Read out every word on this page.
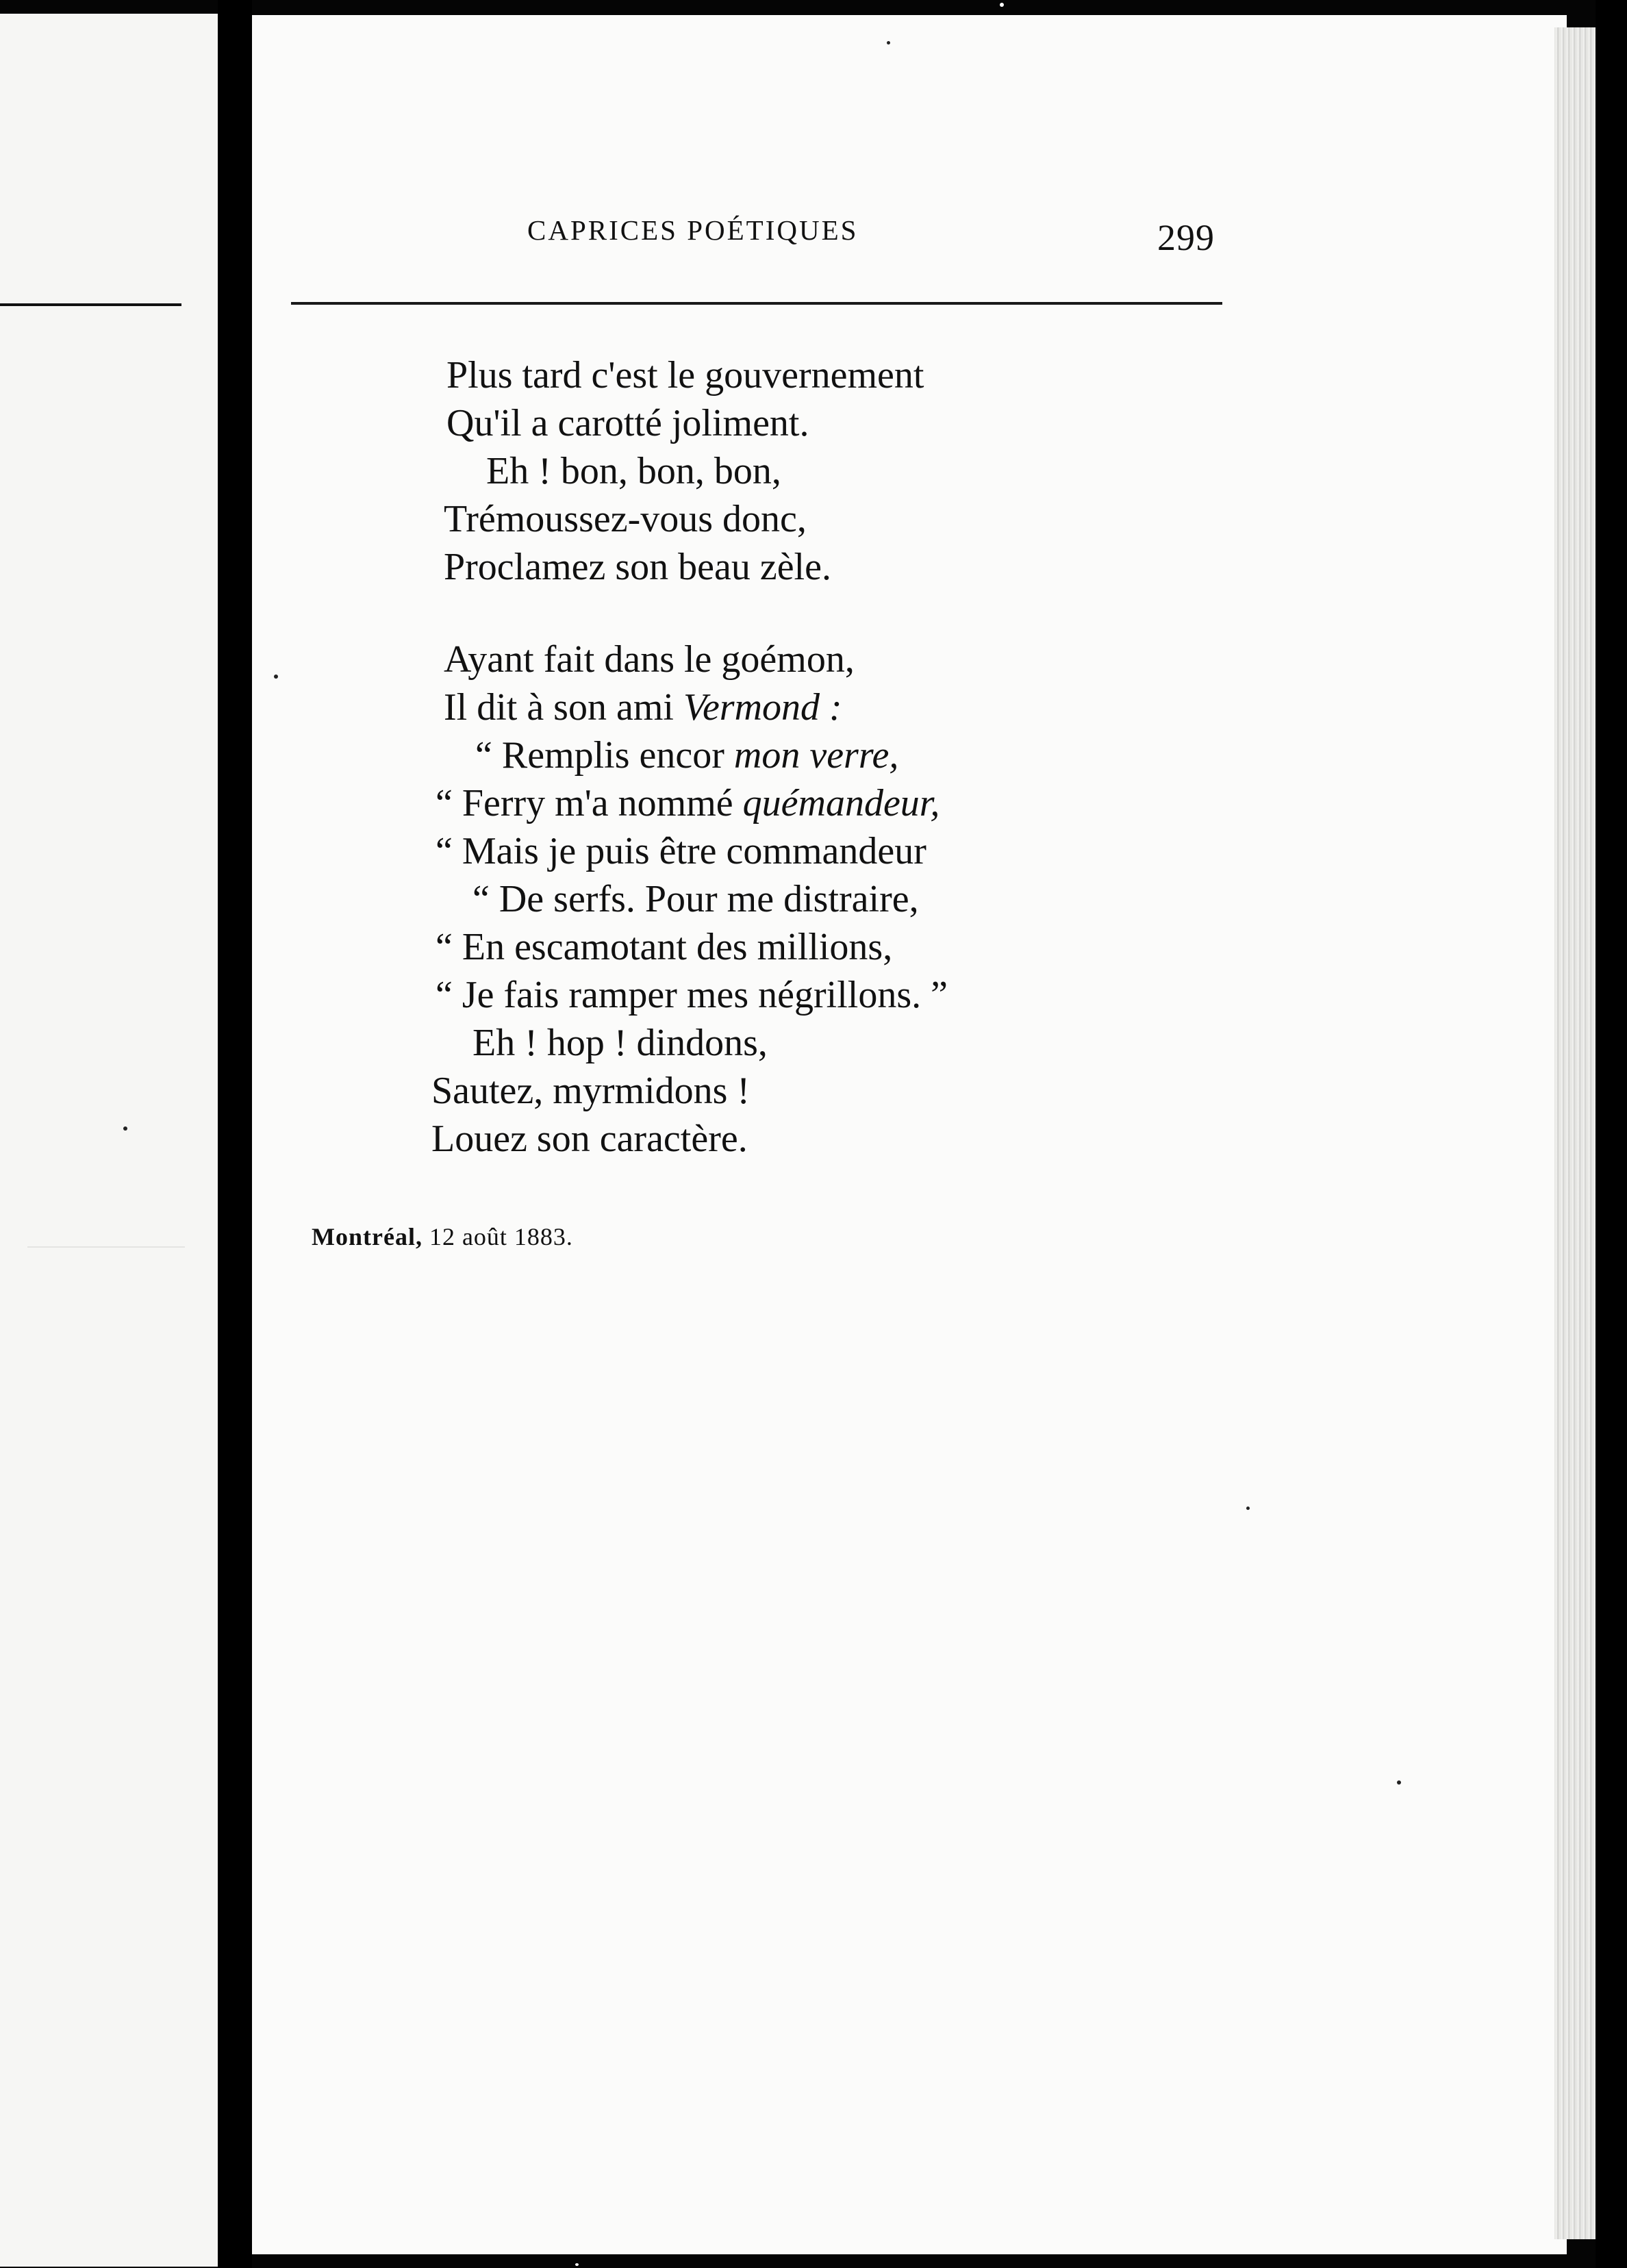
CAPRICES POÉTIQUES	299
Plus tard c'est le gouvernement
Qu'il a carotté joliment.
Eh ! bon, bon, bon,
Trémoussez-vous donc,
Proclamez son beau zèle.
Ayant fait dans le goémon,
Il dit à son ami Vermond :
“ Remplis encor mon verre,
“ Ferry m'a nommé quémandeur,
“ Mais je puis être commandeur
“ De serfs. Pour me distraire,
“ En escamotant des millions,
“ Je fais ramper mes négrillons. ”
Eh ! hop ! dindons,
Sautez, myrmidons !
Louez son caractère.
Montréal, 12 août 1883.
